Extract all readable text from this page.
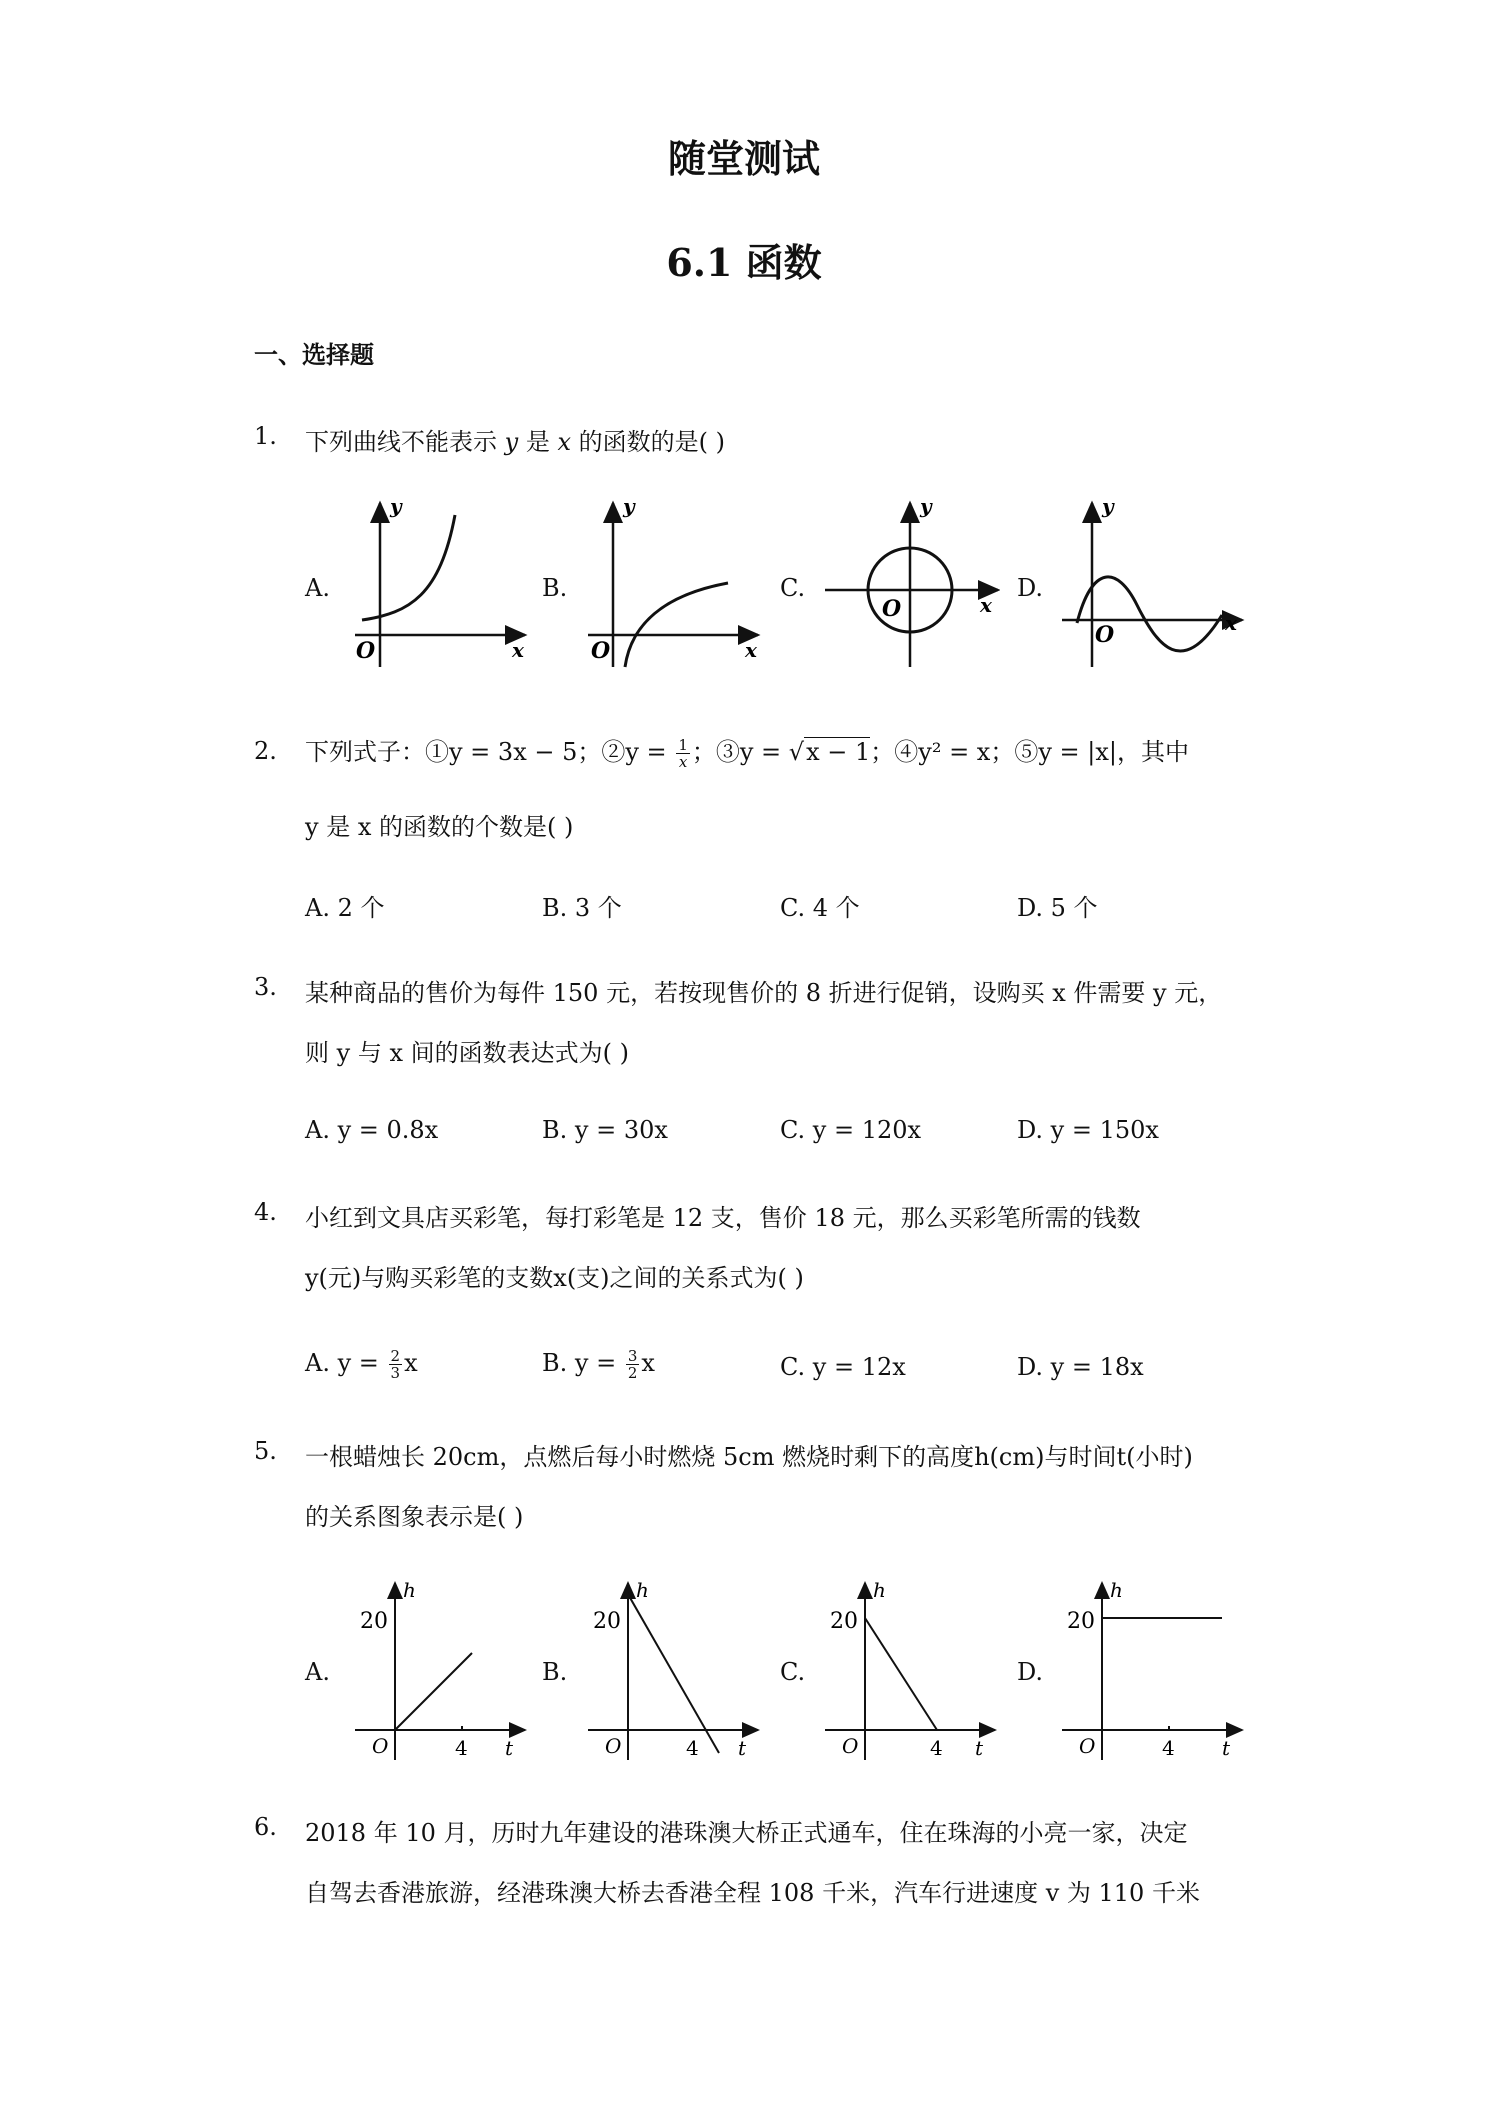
随堂测试
6.1 函数
一、选择题
1. 下列曲线不能表示 y 是 x 的函数的是( )
A.	B.	C.	D.
y
x
O
y
x
O
y
x
O
y
x
O
2. 下列式子：①y = 3x − 5；②y = $\frac{1}{x}$ ；③y = √x − 1；④y² = x；⑤y = |x|，其中
y 是 x 的函数的个数是( )
A. 2 个	B. 3 个	C. 4 个	D. 5 个
3. 某种商品的售价为每件 150 元，若按现售价的 8 折进行促销，设购买 x 件需要 y 元，
则 y 与 x 间的函数表达式为( )
A. y = 0.8x	B. y = 30x	C. y = 120x	D. y = 150x
4. 小红到文具店买彩笔，每打彩笔是 12 支，售价 18 元，那么买彩笔所需的钱数
y(元)与购买彩笔的支数x(支)之间的关系式为( )
A. $y = \frac{2}{3}$ x	B. $y = \frac{3}{2}$ x	C. y = 12x	D. y = 18x
5. 一根蜡烛长 20cm，点燃后每小时燃烧 5cm 燃烧时剩下的高度h(cm)与时间t(小时)
的关系图象表示是( )
A.	B.	C.	D.
h
t
O	4
20
h
t
O	4
20
h
t
O	4
20
h
t
O	4
20
6. 2018 年 10 月，历时九年建设的港珠澳大桥正式通车，住在珠海的小亮一家，决定
自驾去香港旅游，经港珠澳大桥去香港全程 108 千米，汽车行进速度 v 为 110 千米
